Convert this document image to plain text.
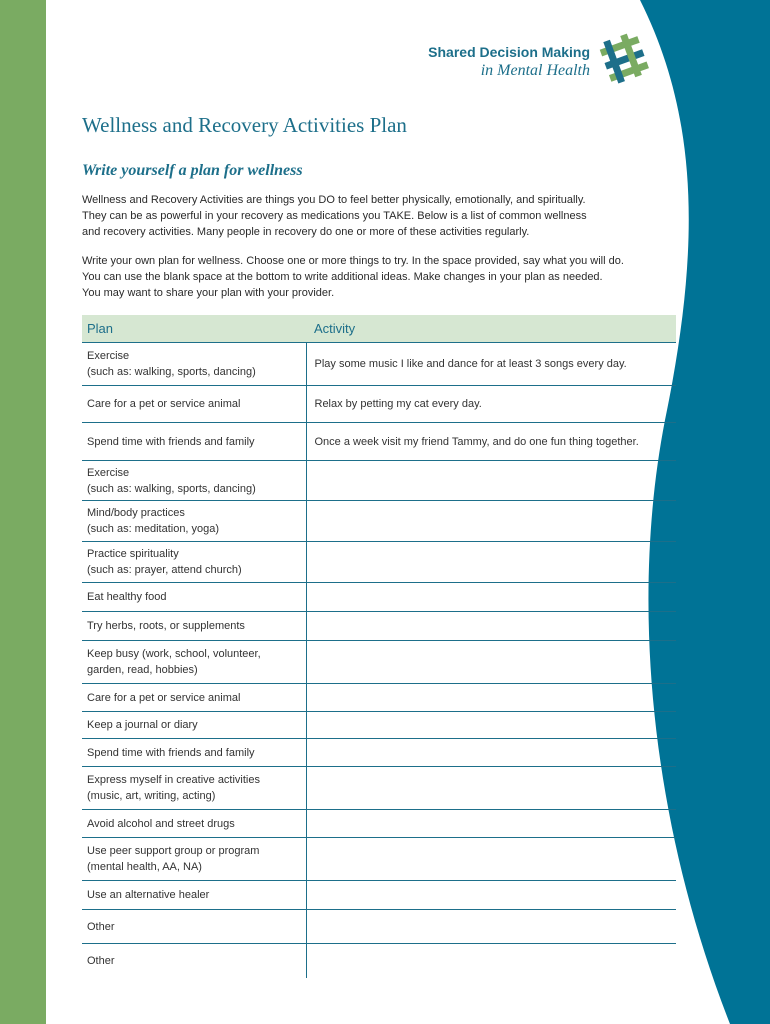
Shared Decision Making
in Mental Health
Wellness and Recovery Activities Plan
Write yourself a plan for wellness
Wellness and Recovery Activities are things you DO to feel better physically, emotionally, and spiritually.
They can be as powerful in your recovery as medications you TAKE. Below is a list of common wellness
and recovery activities. Many people in recovery do one or more of these activities regularly.
Write your own plan for wellness. Choose one or more things to try. In the space provided, say what you will do.
You can use the blank space at the bottom to write additional ideas. Make changes in your plan as needed.
You may want to share your plan with your provider.
Plan	Activity

Exercise
(such as: walking, sports, dancing)	Play some music I like and dance for at least 3 songs every day.

Care for a pet or service animal	Relax by petting my cat every day.

Spend time with friends and family	Once a week visit my friend Tammy, and do one fun thing together.

Exercise
(such as: walking, sports, dancing)	

Mind/body practices
(such as: meditation, yoga)	

Practice spirituality
(such as: prayer, attend church)	

Eat healthy food	

Try herbs, roots, or supplements	

Keep busy (work, school, volunteer,
garden, read, hobbies)	

Care for a pet or service animal	

Keep a journal or diary	

Spend time with friends and family	

Express myself in creative activities
(music, art, writing, acting)	

Avoid alcohol and street drugs	

Use peer support group or program
(mental health, AA, NA)	

Use an alternative healer	

Other	

Other	
